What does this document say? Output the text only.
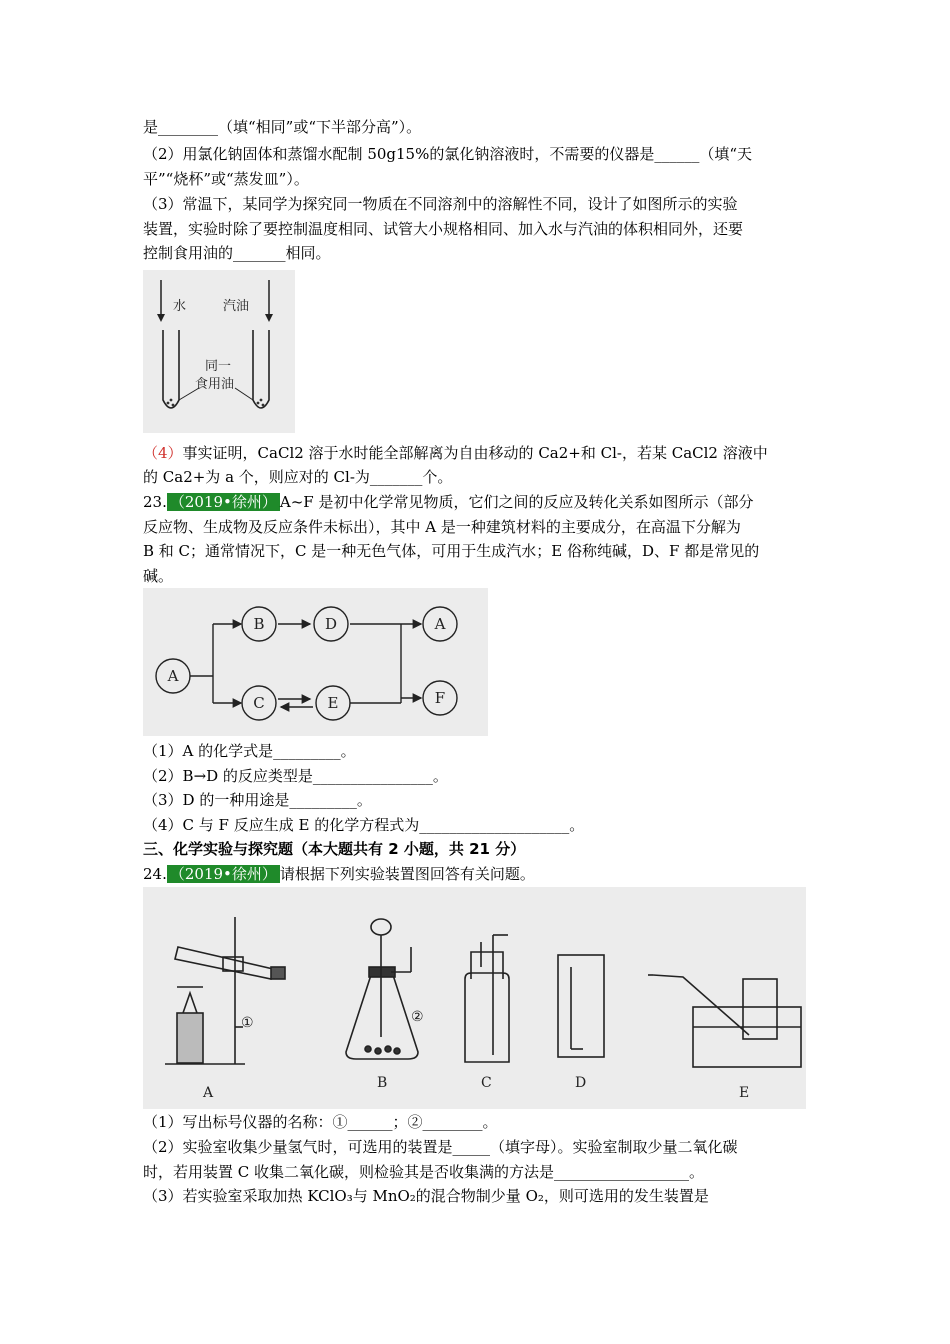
是________（填“相同”或“下半部分高”）。
（2）用氯化钠固体和蒸馏水配制 50g15%的氯化钠溶液时，不需要的仪器是______（填“天
平”“烧杯”或“蒸发皿”）。
（3）常温下，某同学为探究同一物质在不同溶剂中的溶解性不同，设计了如图所示的实验
装置，实验时除了要控制温度相同、试管大小规格相同、加入水与汽油的体积相同外，还要
控制食用油的_______相同。
水	汽油
同一
食用油
（4）事实证明，CaCl2 溶于水时能全部解离为自由移动的 Ca2+和 Cl-，若某 CaCl2 溶液中
的 Ca2+为 a 个，则应对的 Cl-为_______个。
23. （2019•徐州） A~F 是初中化学常见物质，它们之间的反应及转化关系如图所示（部分
反应物、生成物及反应条件未标出），其中 A 是一种建筑材料的主要成分，在高温下分解为
B 和 C；通常情况下，C 是一种无色气体，可用于生成汽水；E 俗称纯碱，D、F 都是常见的
碱。
A
B	D
C	E
A
F
（1）A 的化学式是_________。
（2）B→D 的反应类型是________________。
（3）D 的一种用途是_________。
（4）C 与 F 反应生成 E 的化学方程式为____________________。
三、化学实验与探究题（本大题共有 2 小题，共 21 分）
24. （2019•徐州） 请根据下列实验装置图回答有关问题。
①	②
A
B	C	D
E
（1）写出标号仪器的名称：①______；②________。
（2）实验室收集少量氢气时，可选用的装置是_____（填字母）。实验室制取少量二氧化碳
时，若用装置 C 收集二氧化碳，则检验其是否收集满的方法是__________________。
（3）若实验室采取加热 KClO₃与 MnO₂的混合物制少量 O₂，则可选用的发生装置是
